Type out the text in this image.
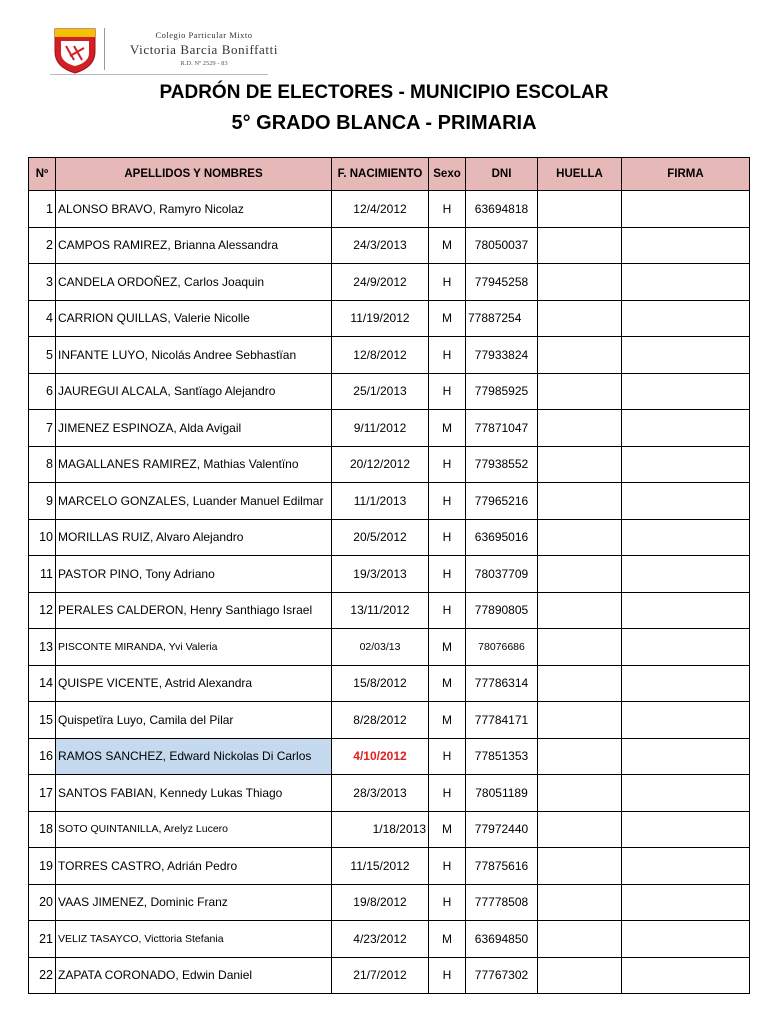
Colegio Particular Mixto
Victoria Barcia Boniffatti
R.D. Nº 2529 - 83
PADRÓN DE ELECTORES - MUNICIPIO ESCOLAR
5° GRADO BLANCA - PRIMARIA
Nº	APELLIDOS Y NOMBRES	F. NACIMIENTO	Sexo	DNI	HUELLA	FIRMA
1	ALONSO BRAVO, Ramyro Nicolaz	12/4/2012	H	63694818		
2	CAMPOS RAMIREZ, Brianna Alessandra	24/3/2013	M	78050037		
3	CANDELA ORDOÑEZ, Carlos Joaquin	24/9/2012	H	77945258		
4	CARRION QUILLAS, Valerie Nicolle	11/19/2012	M	77887254		
5	INFANTE LUYO, Nicolás Andree Sebhastïan	12/8/2012	H	77933824		
6	JAUREGUI ALCALA, Santïago Alejandro	25/1/2013	H	77985925		
7	JIMENEZ ESPINOZA, Alda Avigail	9/11/2012	M	77871047		
8	MAGALLANES RAMIREZ, Mathias Valentïno	20/12/2012	H	77938552		
9	MARCELO GONZALES, Luander Manuel Edilmar	11/1/2013	H	77965216		
10	MORILLAS RUIZ, Alvaro Alejandro	20/5/2012	H	63695016		
11	PASTOR PINO, Tony Adriano	19/3/2013	H	78037709		
12	PERALES CALDERON, Henry Santhiago Israel	13/11/2012	H	77890805		
13	PISCONTE MIRANDA, Yvi Valeria	02/03/13	M	78076686		
14	QUISPE VICENTE, Astrid Alexandra	15/8/2012	M	77786314		
15	Quispetïra Luyo, Camila del Pilar	8/28/2012	M	77784171		
16	RAMOS SANCHEZ, Edward Nickolas Di Carlos	4/10/2012	H	77851353		
17	SANTOS FABIAN, Kennedy Lukas Thiago	28/3/2013	H	78051189		
18	SOTO QUINTANILLA, Arelyz Lucero	1/18/2013	M	77972440		
19	TORRES CASTRO, Adrián Pedro	11/15/2012	H	77875616		
20	VAAS JIMENEZ, Dominic Franz	19/8/2012	H	77778508		
21	VELIZ TASAYCO, Victtoria Stefania	4/23/2012	M	63694850		
22	ZAPATA CORONADO, Edwin Daniel	21/7/2012	H	77767302		
